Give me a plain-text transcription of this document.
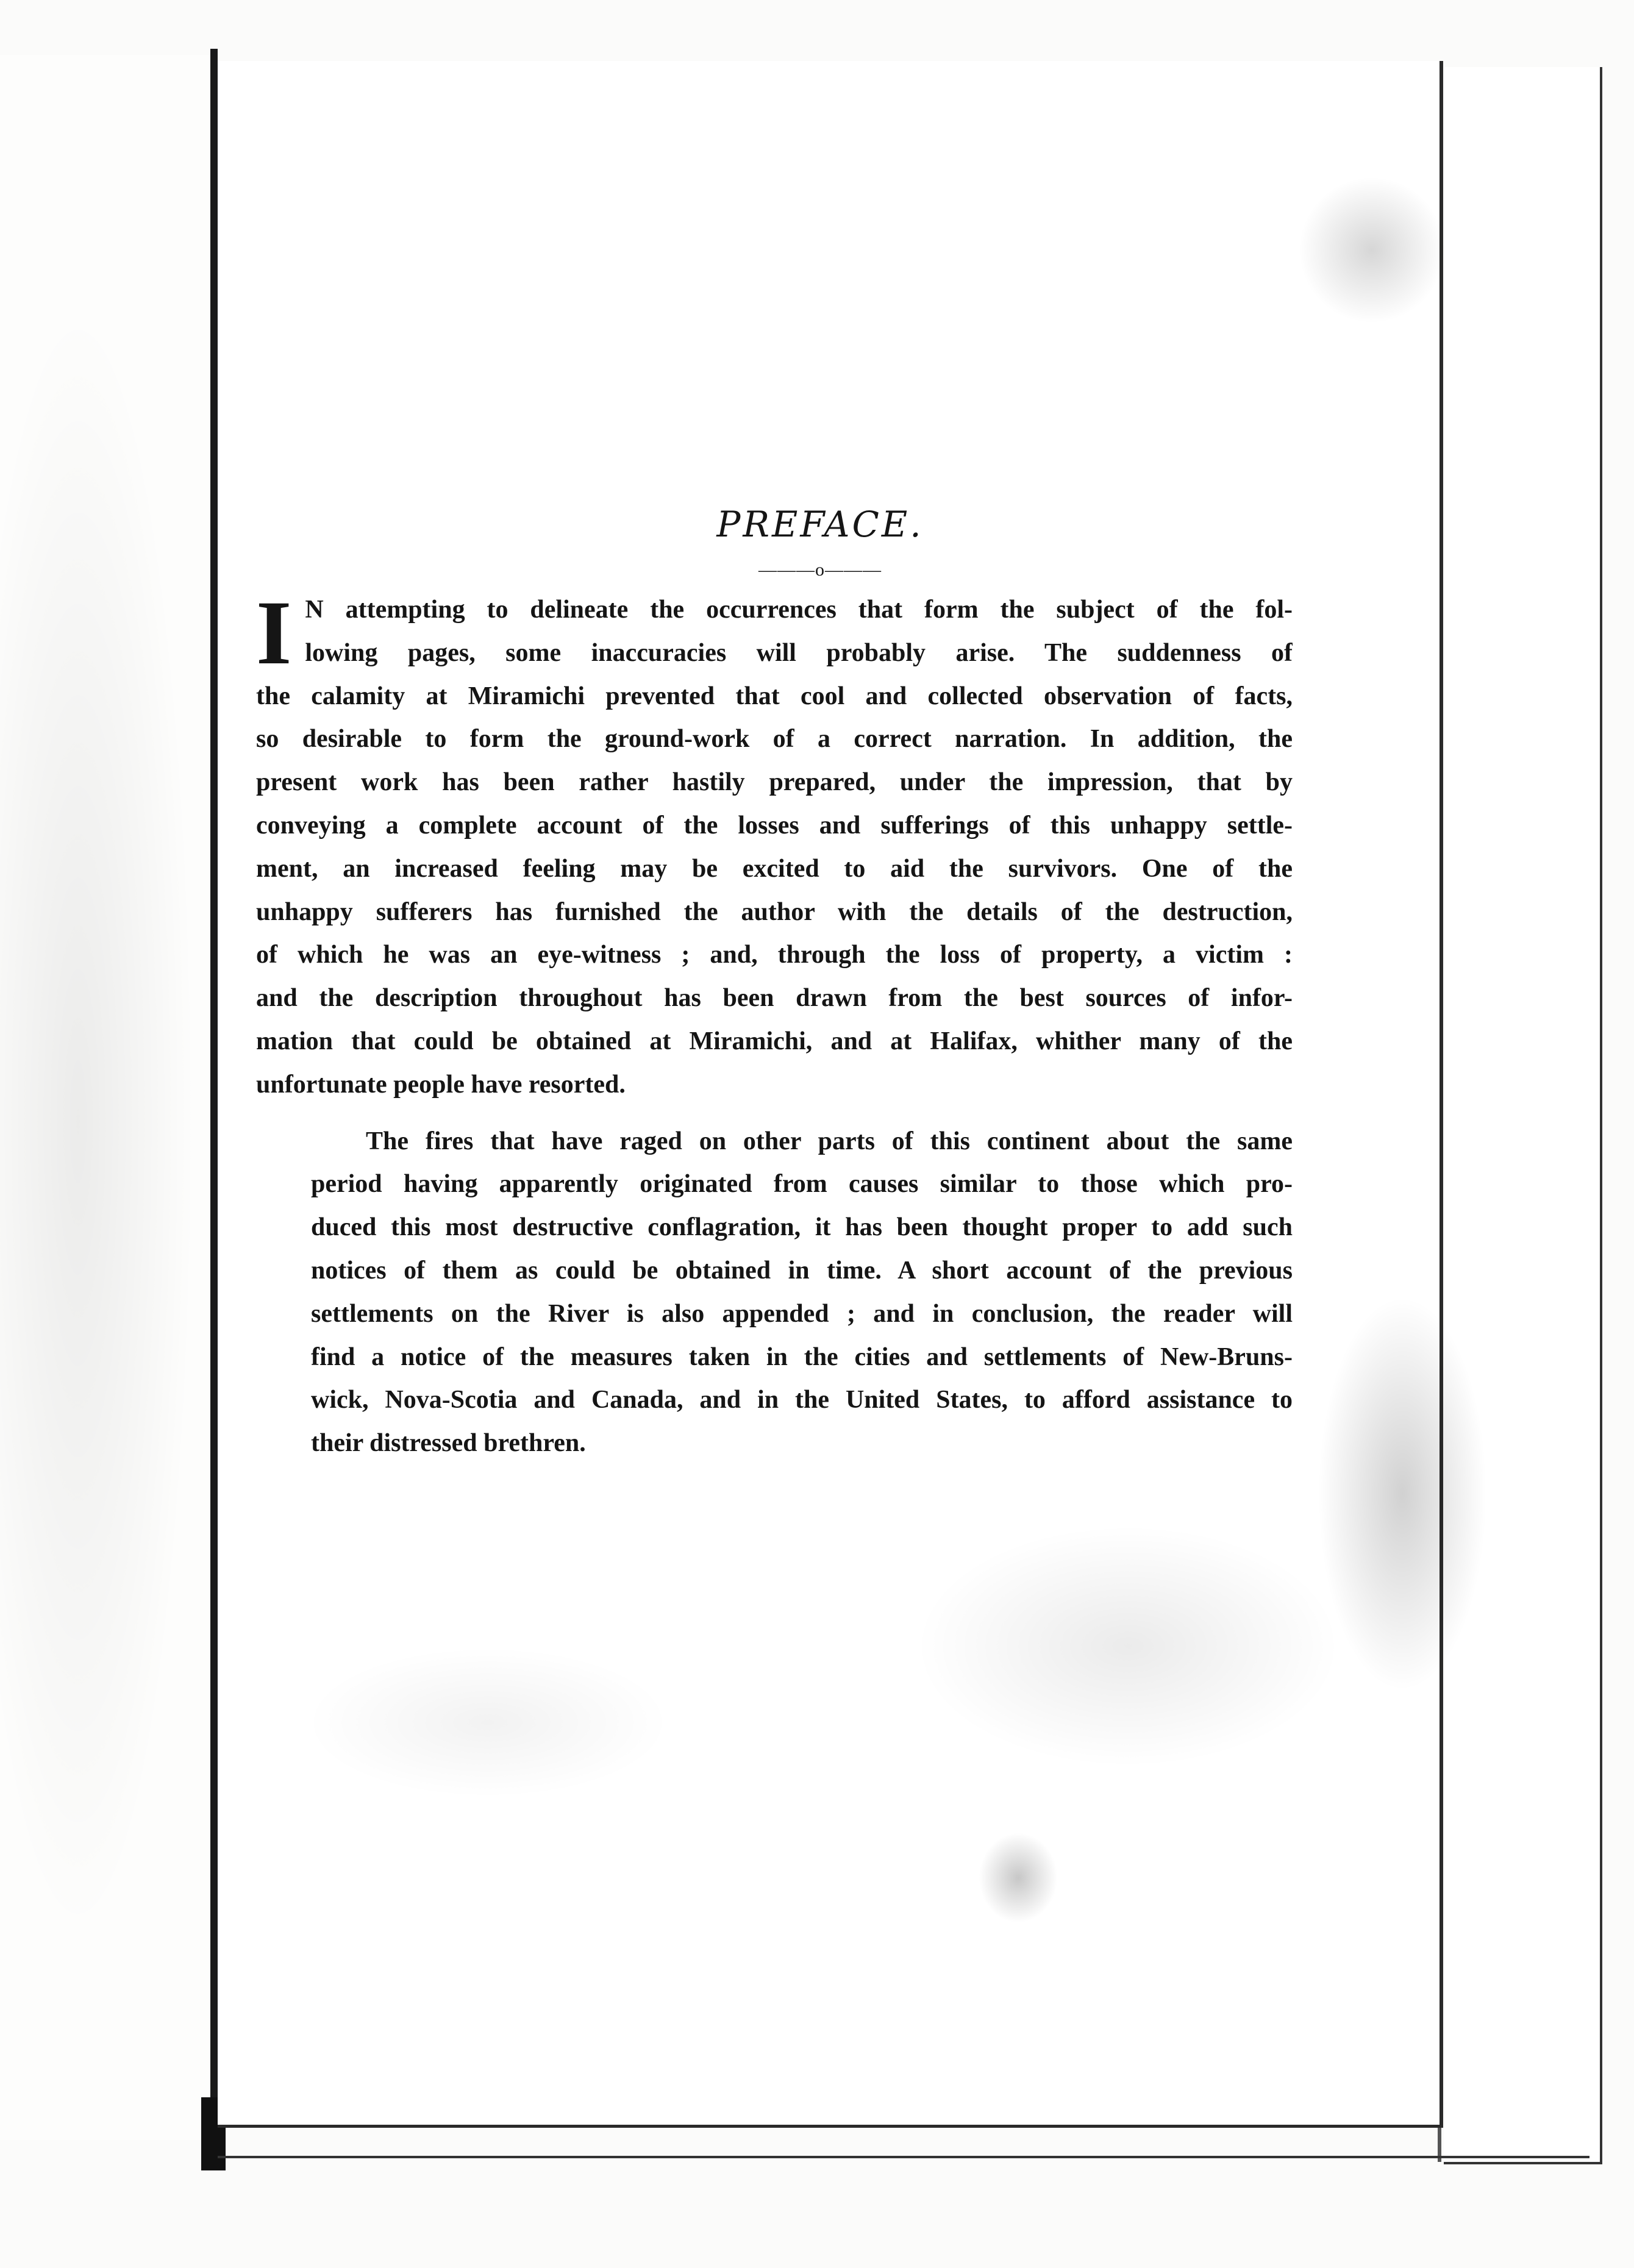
PREFACE.
———o———
I N attempting to delineate the occurrences that form the subject of the fol-
lowing pages, some inaccuracies will probably arise. The suddenness of
the calamity at Miramichi prevented that cool and collected observation of facts,
so desirable to form the ground-work of a correct narration. In addition, the
present work has been rather hastily prepared, under the impression, that by
conveying a complete account of the losses and sufferings of this unhappy settle-
ment, an increased feeling may be excited to aid the survivors. One of the
unhappy sufferers has furnished the author with the details of the destruction,
of which he was an eye-witness ; and, through the loss of property, a victim :
and the description throughout has been drawn from the best sources of infor-
mation that could be obtained at Miramichi, and at Halifax, whither many of the
unfortunate people have resorted.
The fires that have raged on other parts of this continent about the same
period having apparently originated from causes similar to those which pro-
duced this most destructive conflagration, it has been thought proper to add such
notices of them as could be obtained in time. A short account of the previous
settlements on the River is also appended ; and in conclusion, the reader will
find a notice of the measures taken in the cities and settlements of New-Bruns-
wick, Nova-Scotia and Canada, and in the United States, to afford assistance to
their distressed brethren.
